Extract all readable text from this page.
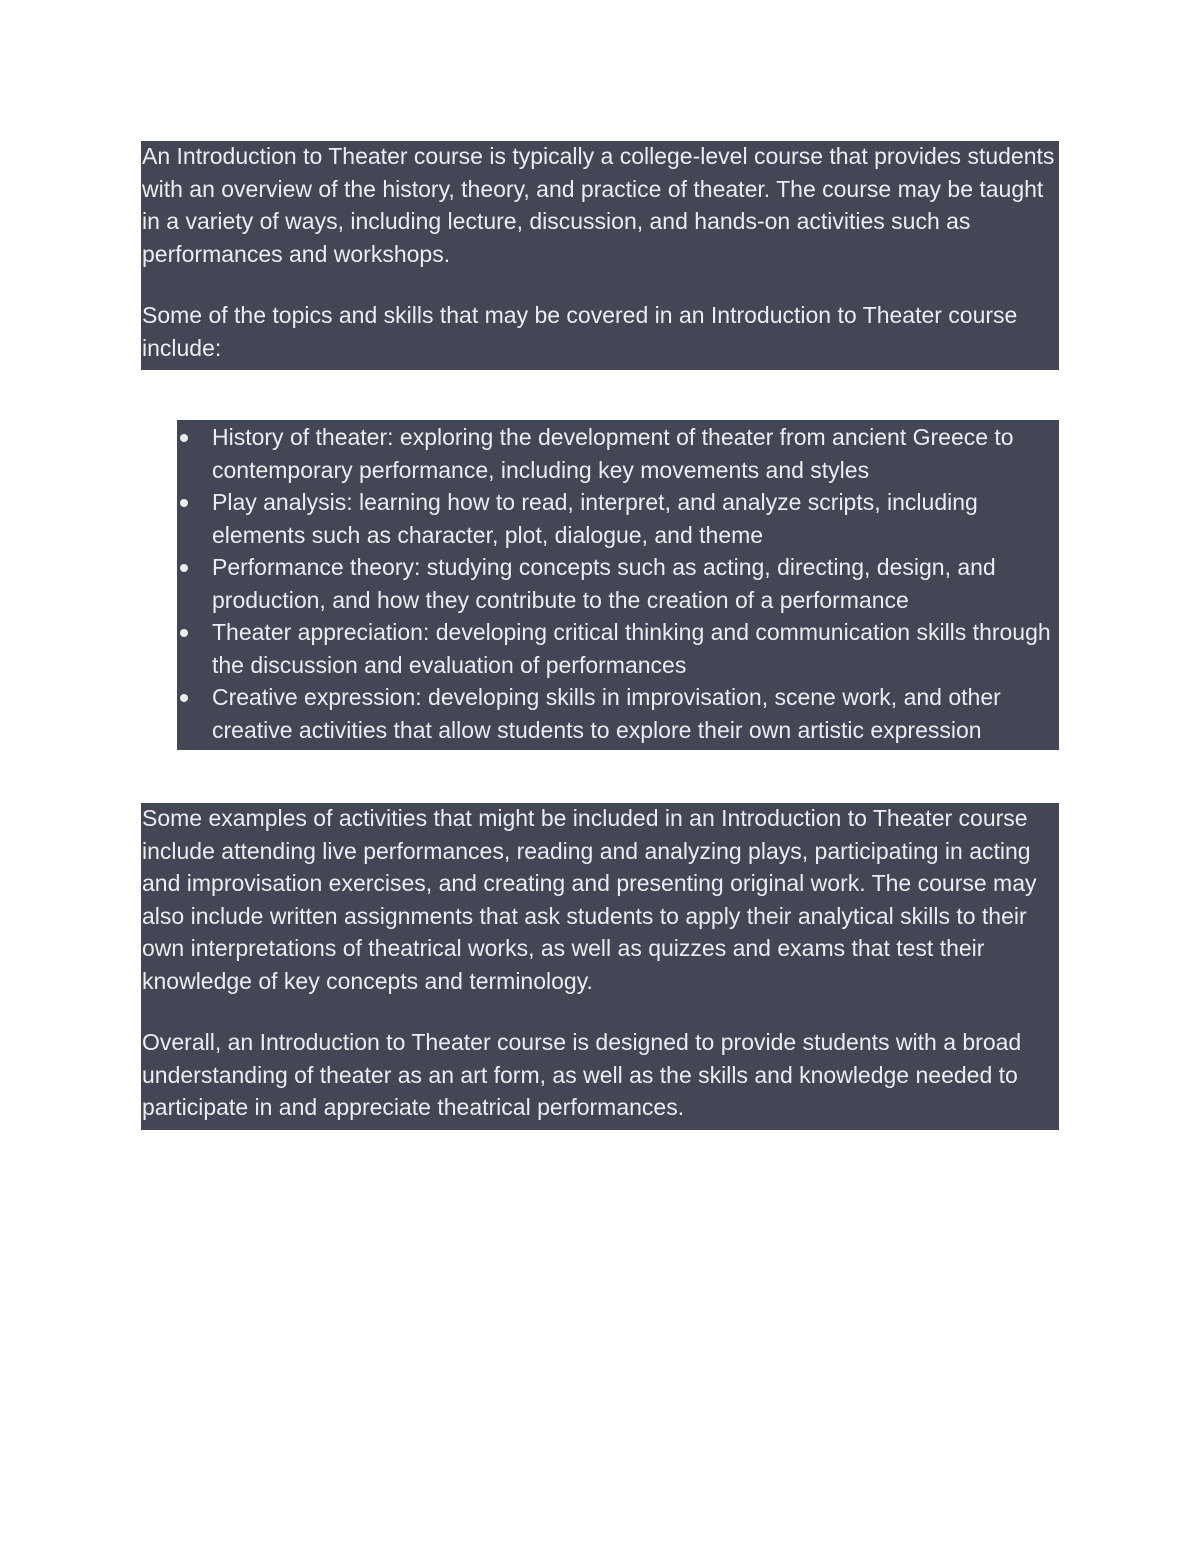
An Introduction to Theater course is typically a college-level course that provides students with an overview of the history, theory, and practice of theater. The course may be taught in a variety of ways, including lecture, discussion, and hands-on activities such as performances and workshops.

Some of the topics and skills that may be covered in an Introduction to Theater course include:

History of theater: exploring the development of theater from ancient Greece to contemporary performance, including key movements and styles
Play analysis: learning how to read, interpret, and analyze scripts, including elements such as character, plot, dialogue, and theme
Performance theory: studying concepts such as acting, directing, design, and production, and how they contribute to the creation of a performance
Theater appreciation: developing critical thinking and communication skills through the discussion and evaluation of performances
Creative expression: developing skills in improvisation, scene work, and other creative activities that allow students to explore their own artistic expression

Some examples of activities that might be included in an Introduction to Theater course include attending live performances, reading and analyzing plays, participating in acting and improvisation exercises, and creating and presenting original work. The course may also include written assignments that ask students to apply their analytical skills to their own interpretations of theatrical works, as well as quizzes and exams that test their knowledge of key concepts and terminology.

Overall, an Introduction to Theater course is designed to provide students with a broad understanding of theater as an art form, as well as the skills and knowledge needed to participate in and appreciate theatrical performances.
